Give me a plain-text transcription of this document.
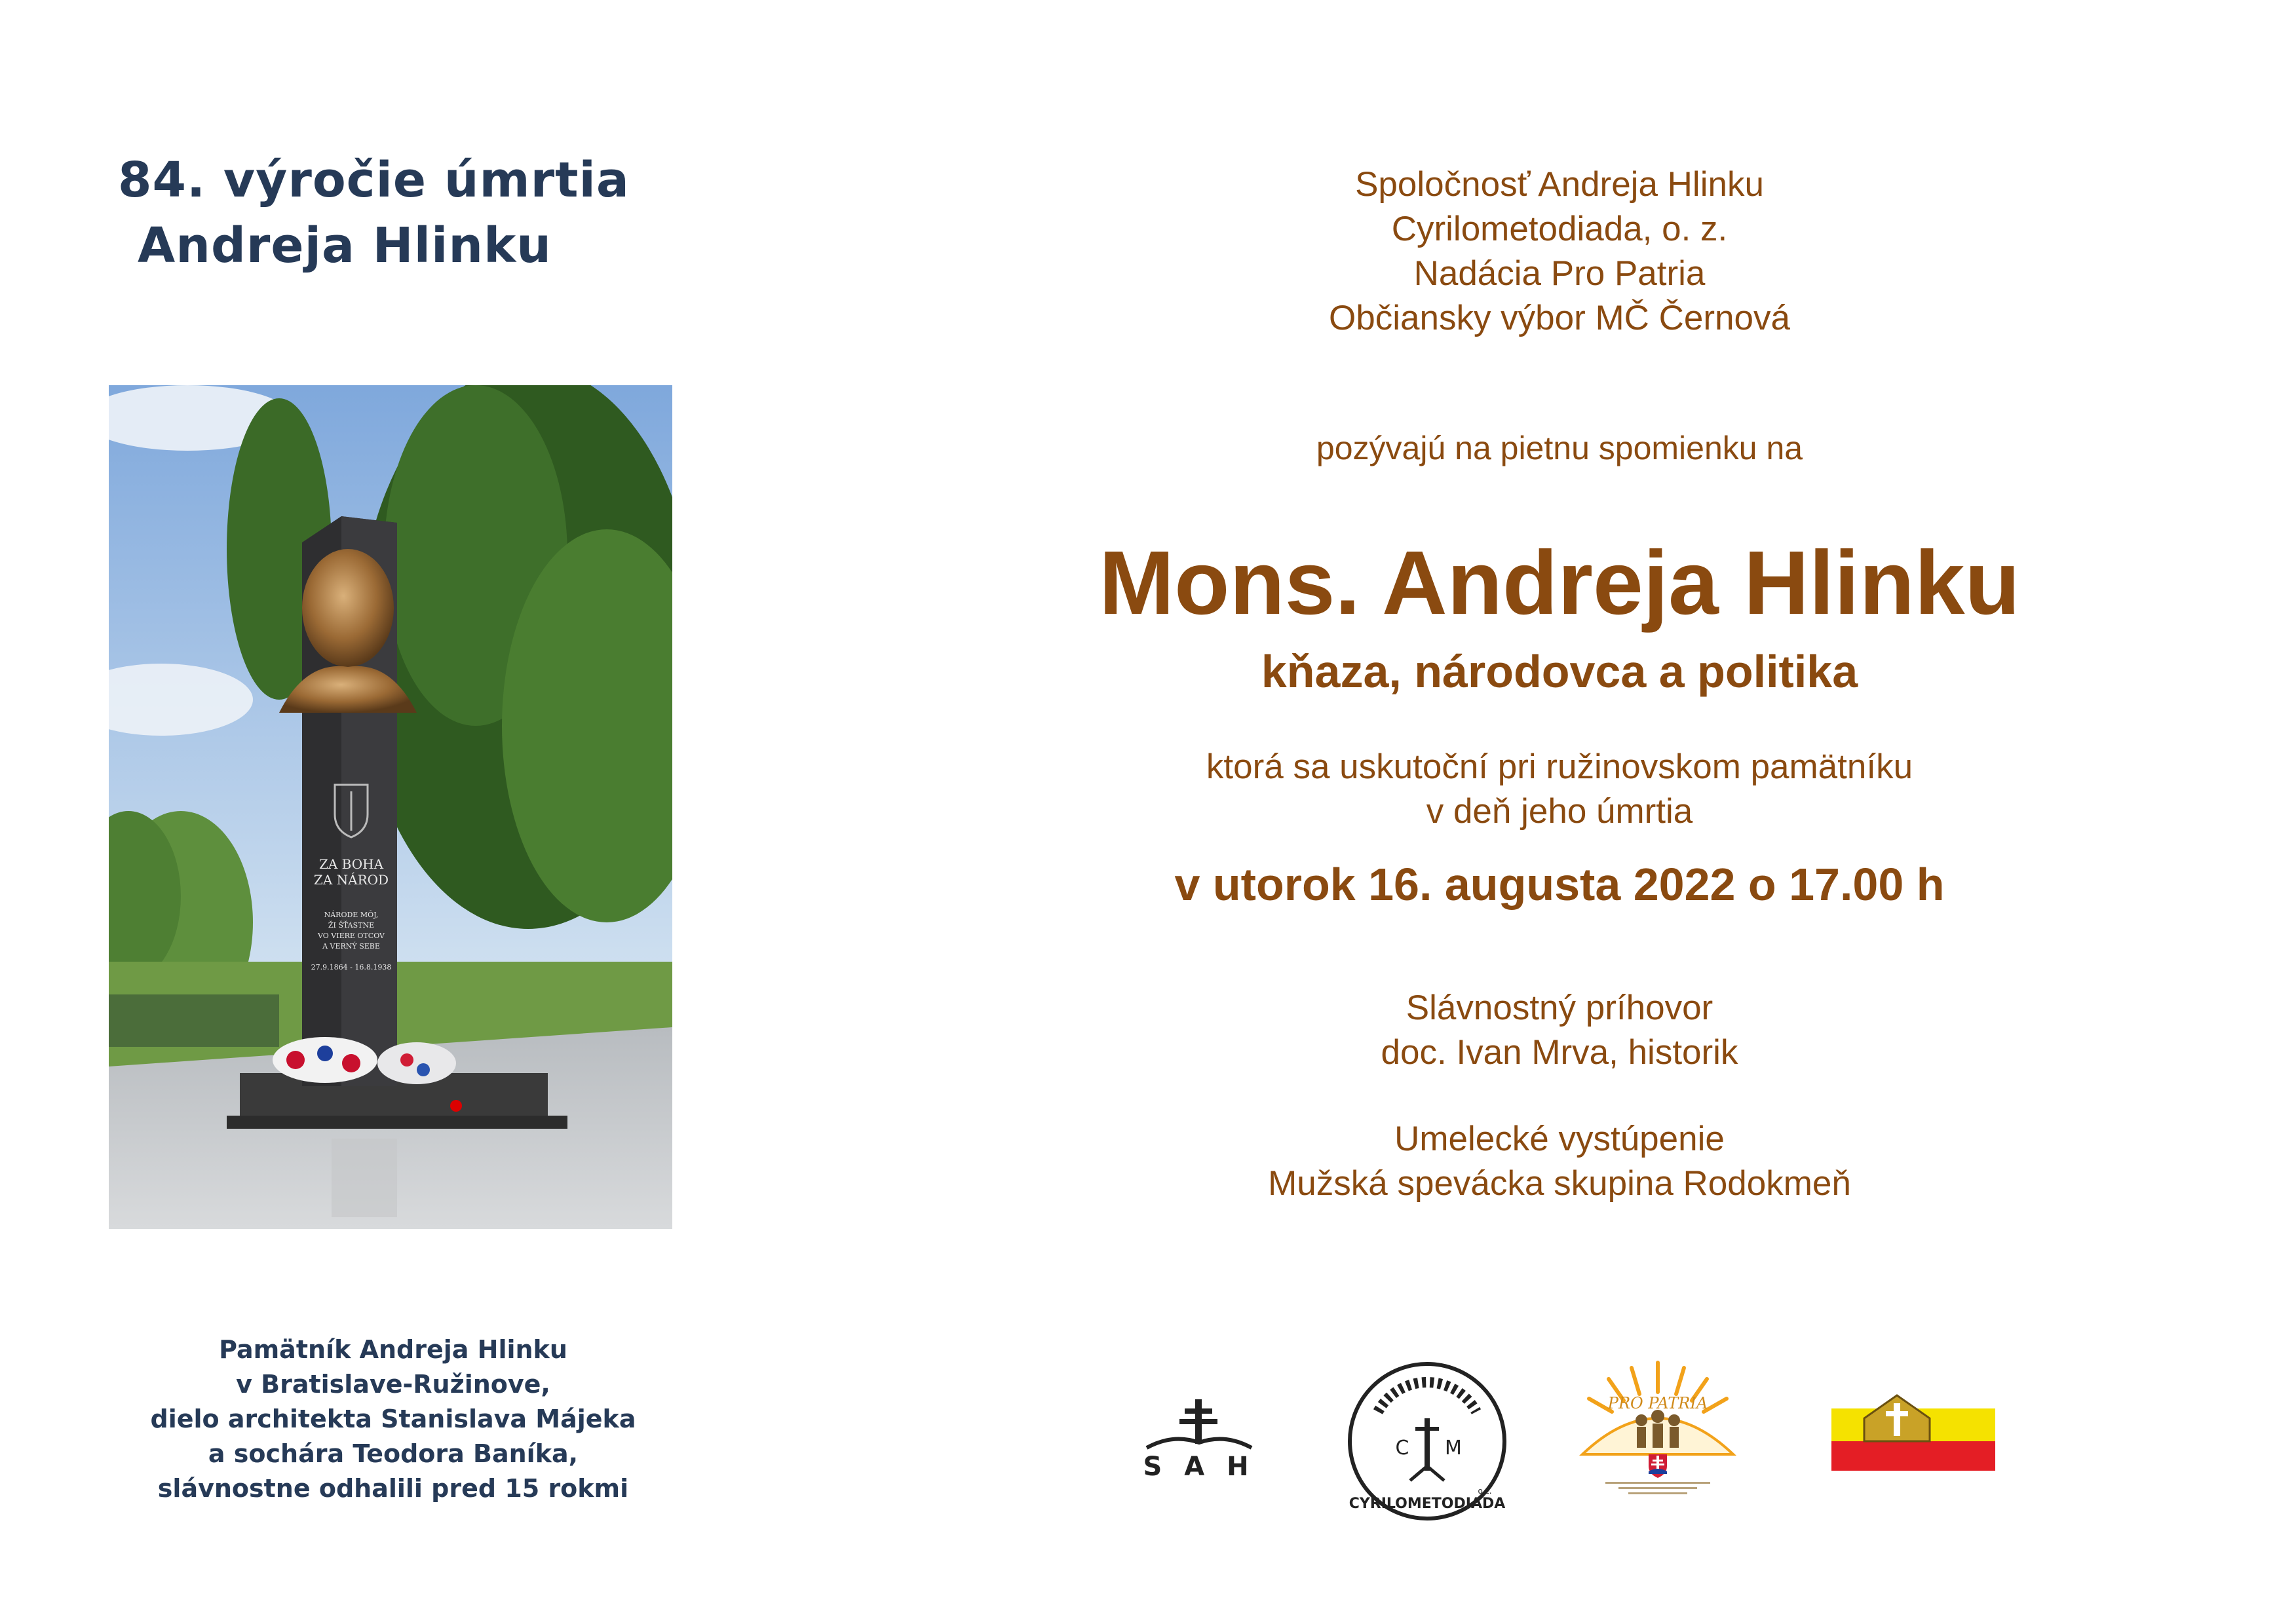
84. výročie úmrtia
Andreja Hlinku
ZA BOHA
ZA NÁROD
NÁRODE MÔJ,
ŽI ŠŤASTNE
VO VIERE OTCOV
A VERNÝ SEBE
27.9.1864 - 16.8.1938
Pamätník Andreja Hlinku
v Bratislave-Ružinove,
dielo architekta Stanislava Májeka
a sochára Teodora Baníka,
slávnostne odhalili pred 15 rokmi
Spoločnosť Andreja Hlinku
Cyrilometodiada, o. z.
Nadácia Pro Patria
Občiansky výbor MČ Černová
pozývajú na pietnu spomienku na
Mons. Andreja Hlinku
kňaza, národovca a politika
ktorá sa uskutoční pri ružinovskom pamätníku
v deň jeho úmrtia
v utorok 16. augusta 2022 o 17.00 h
Slávnostný príhovor
doc. Ivan Mrva, historik
Umelecké vystúpenie
Mužská spevácka skupina Rodokmeň
S A H
C M
CYRILOMETODIADA
o.z.
PRO PATRIA
